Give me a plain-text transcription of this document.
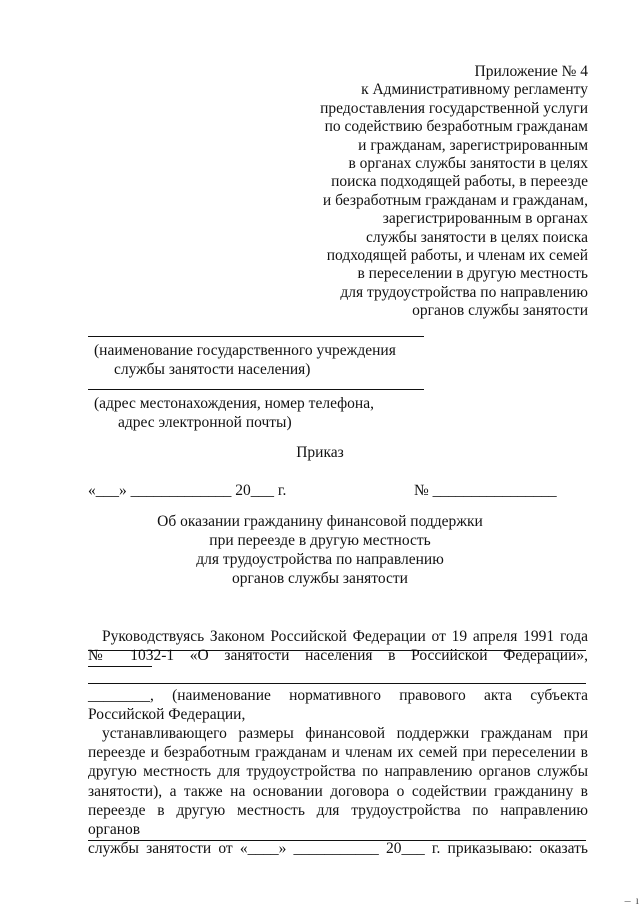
Приложение № 4
к Административному регламенту
предоставления государственной услуги
по содействию безработным гражданам
и гражданам, зарегистрированным
в органах службы занятости в целях
поиска подходящей работы, в переезде
и безработным гражданам и гражданам,
зарегистрированным в органах
службы занятости в целях поиска
подходящей работы, и членам их семей
в переселении в другую местность
для трудоустройства по направлению
органов службы занятости
(наименование государственного учреждения
службы занятости населения)
(адрес местонахождения, номер телефона,
адрес электронной почты)
Приказ
«___» _____________ 20___ г.	№ ________________
Об оказании гражданину финансовой поддержки
при переезде в другую местность
для трудоустройства по направлению
органов службы занятости
Руководствуясь Законом Российской Федерации от 19 апреля 1991 года
№ 1032-1 «О занятости населения в Российской Федерации»,
________, (наименование нормативного правового акта субъекта Российской Федерации,
устанавливающего размеры финансовой поддержки гражданам при переезде и безработным гражданам и членам их семей при переселении в другую местность для трудоустройства по направлению органов службы занятости), а также на основании договора о содействии гражданину в переезде в другую местность для трудоустройства по направлению органов
службы занятости от «____» ___________ 20___ г. приказываю: оказать
‒ ı
